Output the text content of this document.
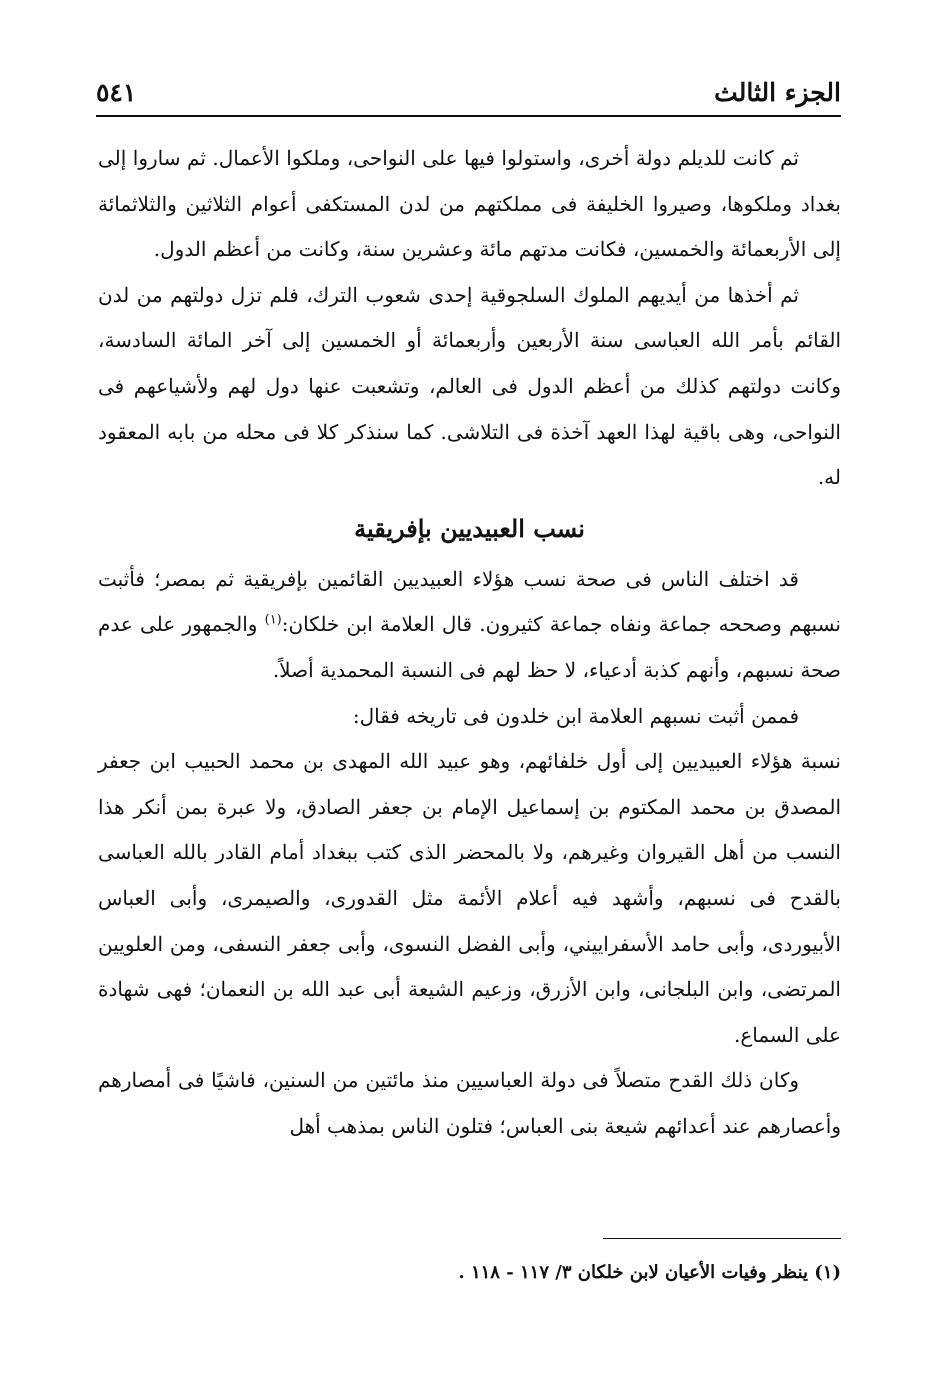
الجزء الثالث
٥٤١

ثم كانت للديلم دولة أخرى، واستولوا فيها على النواحى، وملكوا الأعمال. ثم ساروا إلى بغداد وملكوها، وصيروا الخليفة فى مملكتهم من لدن المستكفى أعوام الثلاثين والثلاثمائة إلى الأربعمائة والخمسين، فكانت مدتهم مائة وعشرين سنة، وكانت من أعظم الدول.

ثم أخذها من أيديهم الملوك السلجوقية إحدى شعوب الترك، فلم تزل دولتهم من لدن القائم بأمر الله العباسى سنة الأربعين وأربعمائة أو الخمسين إلى آخر المائة السادسة، وكانت دولتهم كذلك من أعظم الدول فى العالم، وتشعبت عنها دول لهم ولأشياعهم فى النواحى، وهى باقية لهذا العهد آخذة فى التلاشى. كما سنذكر كلا فى محله من بابه المعقود له.

نسب العبيديين بإفريقية

قد اختلف الناس فى صحة نسب هؤلاء العبيديين القائمين بإفريقية ثم بمصر؛ فأثبت نسبهم وصححه جماعة ونفاه جماعة كثيرون. قال العلامة ابن خلكان:$^{(١)}$ والجمهور على عدم صحة نسبهم، وأنهم كذبة أدعياء، لا حظ لهم فى النسبة المحمدية أصلاً.

فممن أثبت نسبهم العلامة ابن خلدون فى تاريخه فقال:

نسبة هؤلاء العبيديين إلى أول خلفائهم، وهو عبيد الله المهدى بن محمد الحبيب ابن جعفر المصدق بن محمد المكتوم بن إسماعيل الإمام بن جعفر الصادق، ولا عبرة بمن أنكر هذا النسب من أهل القيروان وغيرهم، ولا بالمحضر الذى كتب ببغداد أمام القادر بالله العباسى بالقدح فى نسبهم، وأشهد فيه أعلام الأئمة مثل القدورى، والصيمرى، وأبى العباس الأبيوردى، وأبى حامد الأسفراييني، وأبى الفضل النسوى، وأبى جعفر النسفى، ومن العلويين المرتضى، وابن البلجانى، وابن الأزرق، وزعيم الشيعة أبى عبد الله بن النعمان؛ فهى شهادة على السماع.

وكان ذلك القدح متصلاً فى دولة العباسيين منذ مائتين من السنين، فاشيًا فى أمصارهم وأعصارهم عند أعدائهم شيعة بنى العباس؛ فتلون الناس بمذهب أهل

(١) ينظر وفيات الأعيان لابن خلكان ٣/ ١١٧ - ١١٨ .
